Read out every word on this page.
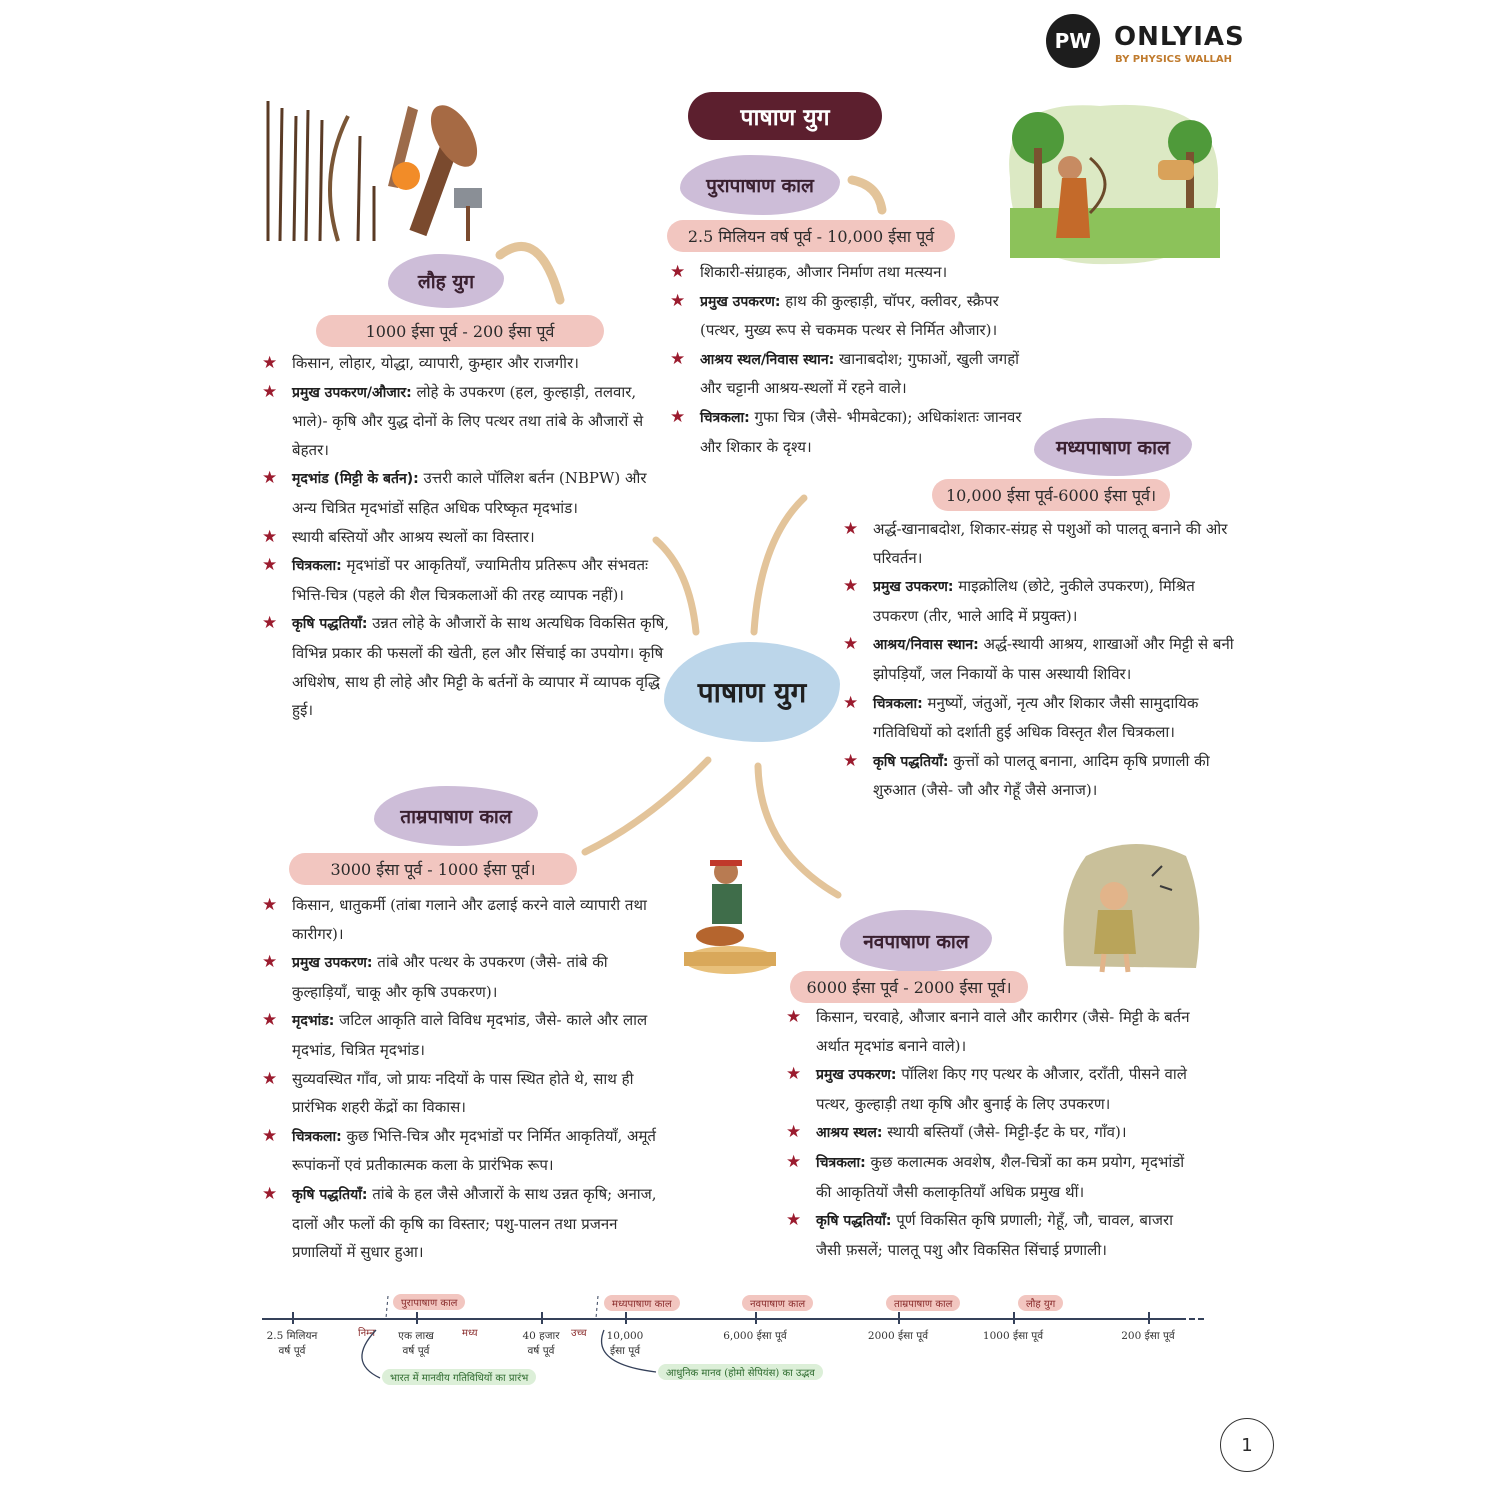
PW ONLYIAS
BY PHYSICS WALLAH
पाषाण युग
लौह युग
1000 ईसा पूर्व - 200 ईसा पूर्व
★ किसान, लोहार, योद्धा, व्यापारी, कुम्हार और राजगीर।
★ प्रमुख उपकरण/औजार: लोहे के उपकरण (हल, कुल्हाड़ी, तलवार, भाले)- कृषि और युद्ध दोनों के लिए पत्थर तथा तांबे के औजारों से बेहतर।
★ मृदभांड (मिट्टी के बर्तन): उत्तरी काले पॉलिश बर्तन (NBPW) और अन्य चित्रित मृदभांडों सहित अधिक परिष्कृत मृदभांड।
★ स्थायी बस्तियों और आश्रय स्थलों का विस्तार।
★ चित्रकला: मृदभांडों पर आकृतियाँ, ज्यामितीय प्रतिरूप और संभवतः भित्ति-चित्र (पहले की शैल चित्रकलाओं की तरह व्यापक नहीं)।
★ कृषि पद्धतियाँ: उन्नत लोहे के औजारों के साथ अत्यधिक विकसित कृषि, विभिन्न प्रकार की फसलों की खेती, हल और सिंचाई का उपयोग। कृषि अधिशेष, साथ ही लोहे और मिट्टी के बर्तनों के व्यापार में व्यापक वृद्धि हुई।
पुरापाषाण काल
2.5 मिलियन वर्ष पूर्व - 10,000 ईसा पूर्व
★ शिकारी-संग्राहक, औजार निर्माण तथा मत्स्यन।
★ प्रमुख उपकरण: हाथ की कुल्हाड़ी, चॉपर, क्लीवर, स्क्रैपर (पत्थर, मुख्य रूप से चकमक पत्थर से निर्मित औजार)।
★ आश्रय स्थल/निवास स्थान: खानाबदोश; गुफाओं, खुली जगहों और चट्टानी आश्रय-स्थलों में रहने वाले।
★ चित्रकला: गुफा चित्र (जैसे- भीमबेटका); अधिकांशतः जानवर और शिकार के दृश्य।	मध्यपाषाण काल
10,000 ईसा पूर्व-6000 ईसा पूर्व।
★ अर्द्ध-खानाबदोश, शिकार-संग्रह से पशुओं को पालतू बनाने की ओर परिवर्तन।
★ प्रमुख उपकरण: माइक्रोलिथ (छोटे, नुकीले उपकरण), मिश्रित उपकरण (तीर, भाले आदि में प्रयुक्त)।
★ आश्रय/निवास स्थान: अर्द्ध-स्थायी आश्रय, शाखाओं और मिट्टी से बनी झोपड़ियाँ, जल निकायों के पास अस्थायी शिविर।
★ चित्रकला: मनुष्यों, जंतुओं, नृत्य और शिकार जैसी सामुदायिक गतिविधियों को दर्शाती हुई अधिक विस्तृत शैल चित्रकला।
★ कृषि पद्धतियाँ: कुत्तों को पालतू बनाना, आदिम कृषि प्रणाली की शुरुआत (जैसे- जौ और गेहूँ जैसे अनाज)।
पाषाण युग
ताम्रपाषाण काल
3000 ईसा पूर्व - 1000 ईसा पूर्व।
★ किसान, धातुकर्मी (तांबा गलाने और ढलाई करने वाले व्यापारी तथा कारीगर)।
★ प्रमुख उपकरण: तांबे और पत्थर के उपकरण (जैसे- तांबे की कुल्हाड़ियाँ, चाकू और कृषि उपकरण)।
★ मृदभांड: जटिल आकृति वाले विविध मृदभांड, जैसे- काले और लाल मृदभांड, चित्रित मृदभांड।
★ सुव्यवस्थित गाँव, जो प्रायः नदियों के पास स्थित होते थे, साथ ही प्रारंभिक शहरी केंद्रों का विकास।
★ चित्रकला: कुछ भित्ति-चित्र और मृदभांडों पर निर्मित आकृतियाँ, अमूर्त रूपांकनों एवं प्रतीकात्मक कला के प्रारंभिक रूप।
★ कृषि पद्धतियाँ: तांबे के हल जैसे औजारों के साथ उन्नत कृषि; अनाज, दालों और फलों की कृषि का विस्तार; पशु-पालन तथा प्रजनन प्रणालियों में सुधार हुआ।
नवपाषाण काल
6000 ईसा पूर्व - 2000 ईसा पूर्व।
★ किसान, चरवाहे, औजार बनाने वाले और कारीगर (जैसे- मिट्टी के बर्तन अर्थात मृदभांड बनाने वाले)।
★ प्रमुख उपकरण: पॉलिश किए गए पत्थर के औजार, दराँती, पीसने वाले पत्थर, कुल्हाड़ी तथा कृषि और बुनाई के लिए उपकरण।
★ आश्रय स्थल: स्थायी बस्तियाँ (जैसे- मिट्टी-ईंट के घर, गाँव)।
★ चित्रकला: कुछ कलात्मक अवशेष, शैल-चित्रों का कम प्रयोग, मृदभांडों की आकृतियों जैसी कलाकृतियाँ अधिक प्रमुख थीं।
★ कृषि पद्धतियाँ: पूर्ण विकसित कृषि प्रणाली; गेहूँ, जौ, चावल, बाजरा जैसी फ़सलें; पालतू पशु और विकसित सिंचाई प्रणाली।
2.5 मिलियन
वर्ष पूर्व
एक लाख
वर्ष पूर्व
40 हजार
वर्ष पूर्व
10,000
ईसा पूर्व
6,000 ईसा पूर्व	2000 ईसा पूर्व	1000 ईसा पूर्व	200 ईसा पूर्व
निम्न	मध्य	उच्च
पुरापाषाण काल	मध्यपाषाण काल	नवपाषाण काल	ताम्रपाषाण काल	लौह युग
भारत में मानवीय गतिविधियों का प्रारंभ	आधुनिक मानव (होमो सेपियंस) का उद्भव
1
